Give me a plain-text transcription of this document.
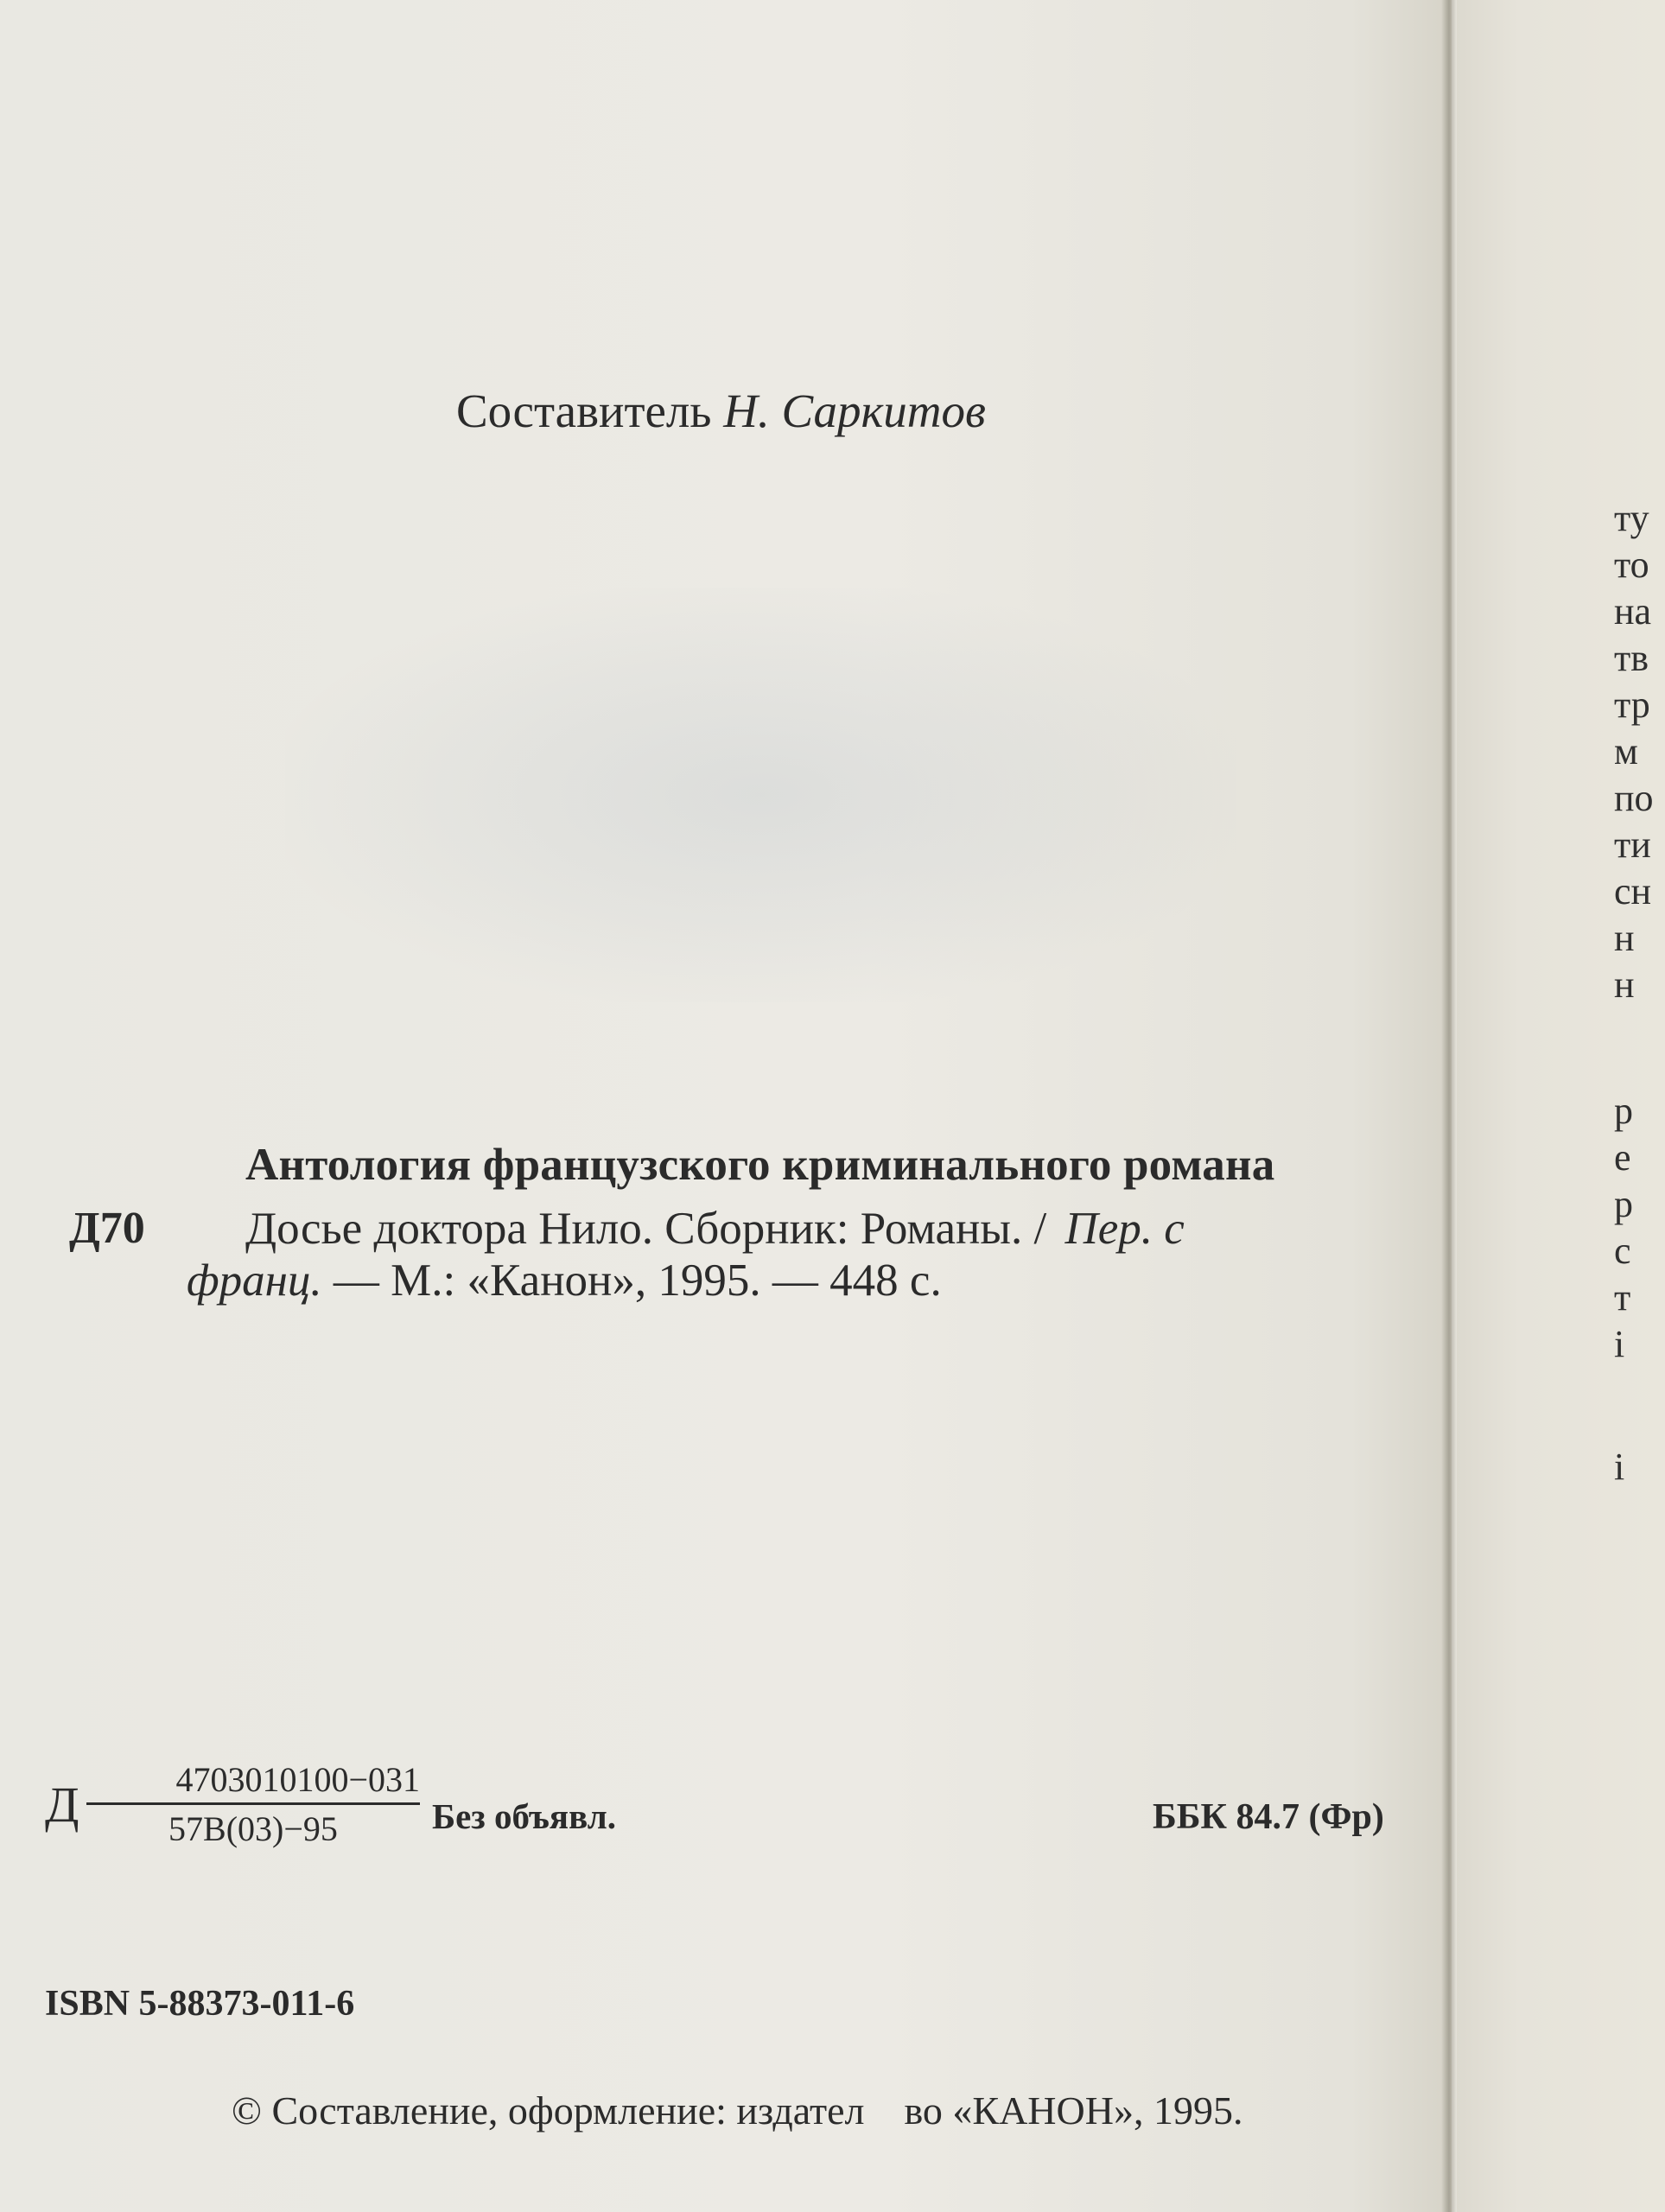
ту
то
на
тв
тр
м
по
ти
сн
н
н
р
е
р
с
т
і
і
Составитель Н. Саркитов
Антология французского криминального романа
Д70 Досье доктора Нило. Сборник: Романы. / Пер. с
франц. — М.: «Канон», 1995. — 448 с.
Д	4703010100−031
57В(03)−95	Без объявл.	ББК 84.7 (Фр)
ISBN 5-88373-011-6
© Составление, оформление: издател во «КАНОН», 1995.
